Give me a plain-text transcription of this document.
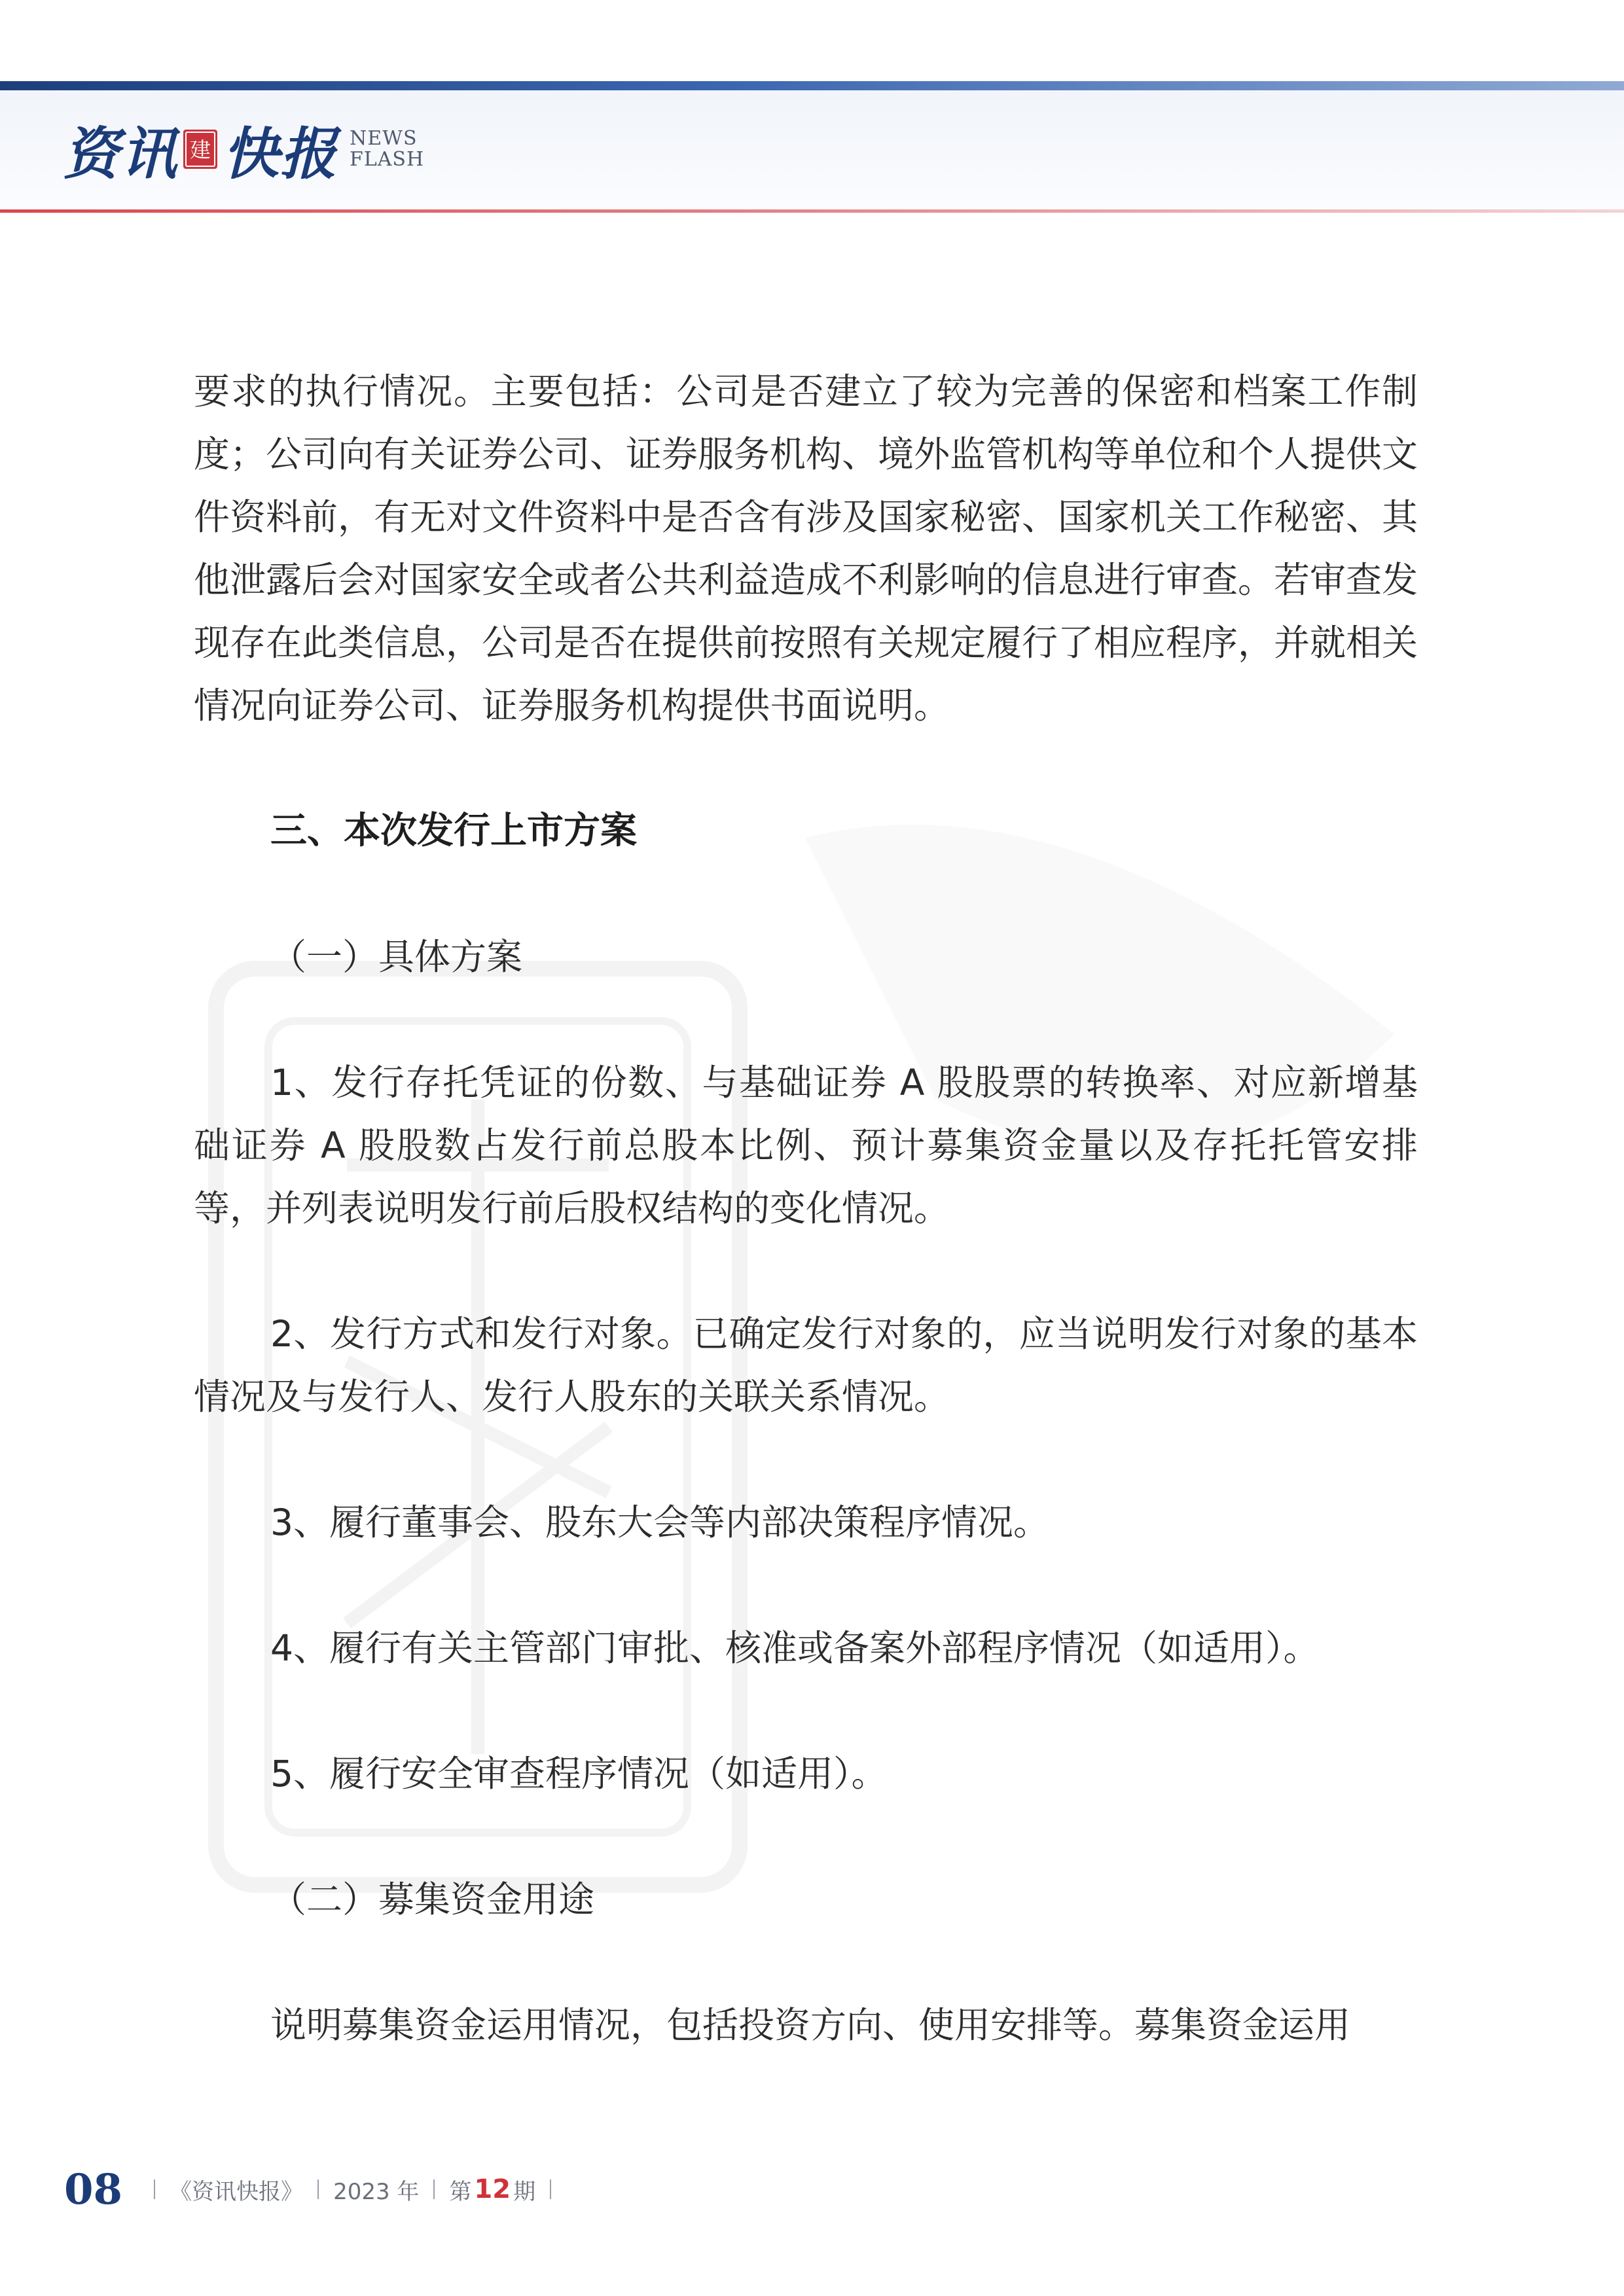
资讯 建 快报 NEWS
FLASH

要求的执行情况。主要包括：公司是否建立了较为完善的保密和档案工作制度；公司向有关证券公司、证券服务机构、境外监管机构等单位和个人提供文件资料前，有无对文件资料中是否含有涉及国家秘密、国家机关工作秘密、其他泄露后会对国家安全或者公共利益造成不利影响的信息进行审查。若审查发现存在此类信息，公司是否在提供前按照有关规定履行了相应程序，并就相关情况向证券公司、证券服务机构提供书面说明。

三、本次发行上市方案

（一）具体方案

1、发行存托凭证的份数、与基础证券 A 股股票的转换率、对应新增基础证券 A 股股数占发行前总股本比例、预计募集资金量以及存托托管安排等，并列表说明发行前后股权结构的变化情况。

2、发行方式和发行对象。已确定发行对象的，应当说明发行对象的基本情况及与发行人、发行人股东的关联关系情况。

3、履行董事会、股东大会等内部决策程序情况。

4、履行有关主管部门审批、核准或备案外部程序情况（如适用）。

5、履行安全审查程序情况（如适用）。

（二）募集资金用途

说明募集资金运用情况，包括投资方向、使用安排等。募集资金运用

08 《资讯快报》 2023 年 第 12 期
